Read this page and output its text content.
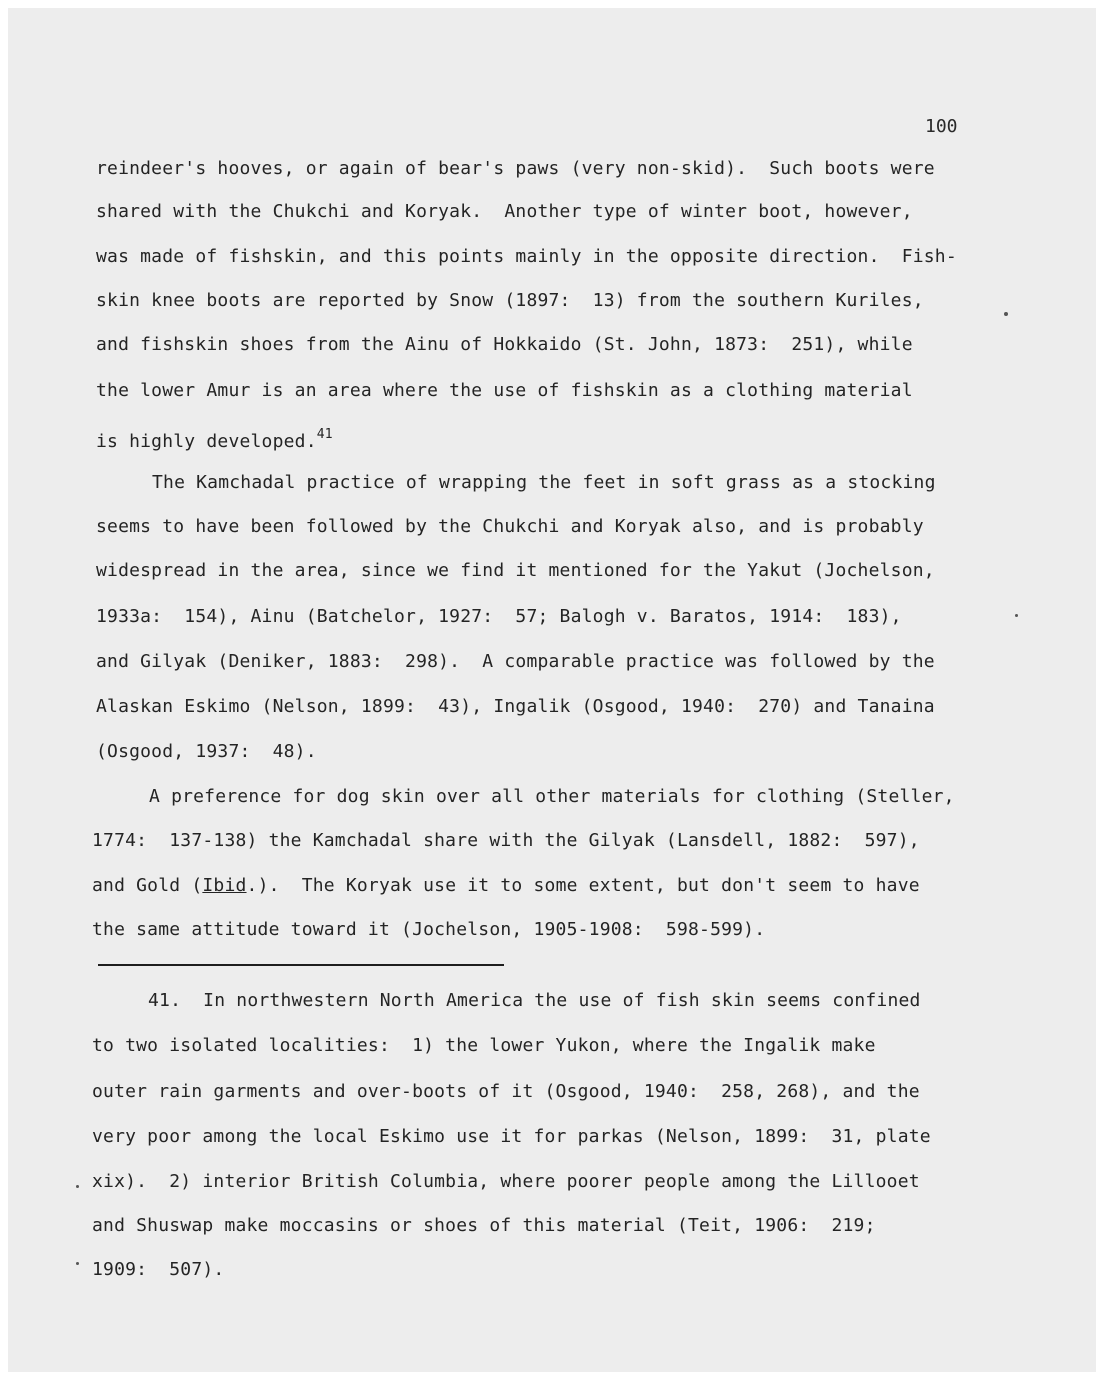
100
reindeer's hooves, or again of bear's paws (very non-skid).  Such boots were
shared with the Chukchi and Koryak.  Another type of winter boot, however,
was made of fishskin, and this points mainly in the opposite direction.  Fish-
skin knee boots are reported by Snow (1897:  13) from the southern Kuriles,
and fishskin shoes from the Ainu of Hokkaido (St. John, 1873:  251), while
the lower Amur is an area where the use of fishskin as a clothing material
is highly developed.$^{41}$
The Kamchadal practice of wrapping the feet in soft grass as a stocking
seems to have been followed by the Chukchi and Koryak also, and is probably
widespread in the area, since we find it mentioned for the Yakut (Jochelson,
1933a:  154), Ainu (Batchelor, 1927:  57; Balogh v. Baratos, 1914:  183),
and Gilyak (Deniker, 1883:  298).  A comparable practice was followed by the
Alaskan Eskimo (Nelson, 1899:  43), Ingalik (Osgood, 1940:  270) and Tanaina
(Osgood, 1937:  48).
A preference for dog skin over all other materials for clothing (Steller,
1774:  137-138) the Kamchadal share with the Gilyak (Lansdell, 1882:  597),
and Gold (Ibid.).  The Koryak use it to some extent, but don't seem to have
the same attitude toward it (Jochelson, 1905-1908:  598-599).
41.  In northwestern North America the use of fish skin seems confined
to two isolated localities:  1) the lower Yukon, where the Ingalik make
outer rain garments and over-boots of it (Osgood, 1940:  258, 268), and the
very poor among the local Eskimo use it for parkas (Nelson, 1899:  31, plate
xix).  2) interior British Columbia, where poorer people among the Lillooet
and Shuswap make moccasins or shoes of this material (Teit, 1906:  219;
1909:  507).
